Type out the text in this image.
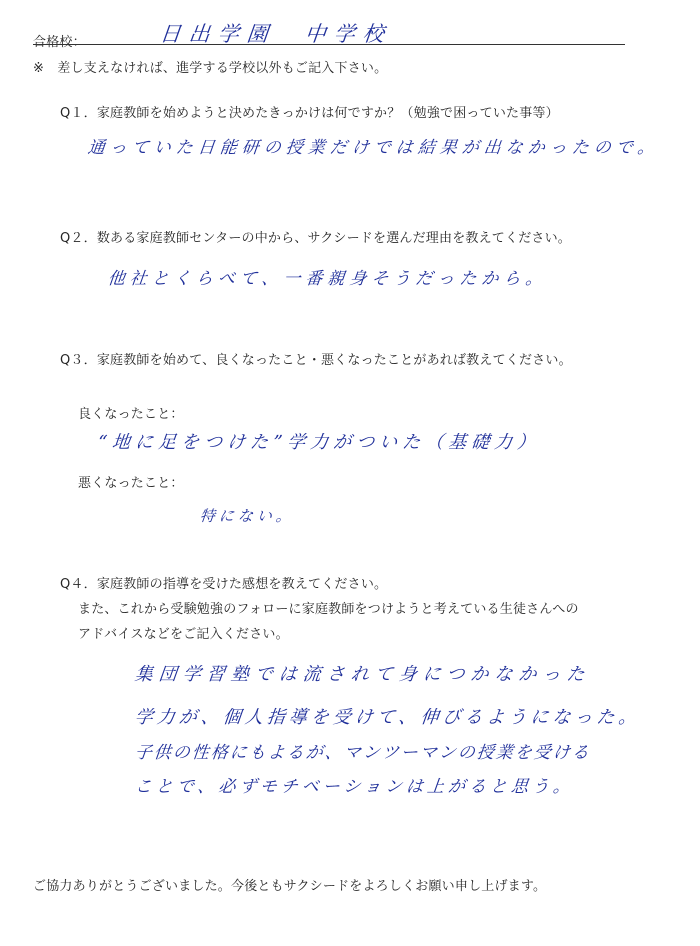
合格校：	日出学園　中学校
※　差し支えなければ、進学する学校以外もご記入下さい。
Q１．家庭教師を始めようと決めたきっかけは何ですか？（勉強で困っていた事等）
通っていた日能研の授業だけでは結果が出なかったので。
Q２．数ある家庭教師センターの中から、サクシードを選んだ理由を教えてください。
他社とくらべて、一番親身そうだったから。
Q３．家庭教師を始めて、良くなったこと・悪くなったことがあれば教えてください。
良くなったこと：
“地に足をつけた”学力がついた（基礎力）
悪くなったこと：
特にない。
Q４．家庭教師の指導を受けた感想を教えてください。
また、これから受験勉強のフォローに家庭教師をつけようと考えている生徒さんへの
アドバイスなどをご記入ください。
集団学習塾では流されて身につかなかった
学力が、個人指導を受けて、伸びるようになった。
子供の性格にもよるが、マンツーマンの授業を受ける
ことで、必ずモチベーションは上がると思う。
ご協力ありがとうございました。今後ともサクシードをよろしくお願い申し上げます。
